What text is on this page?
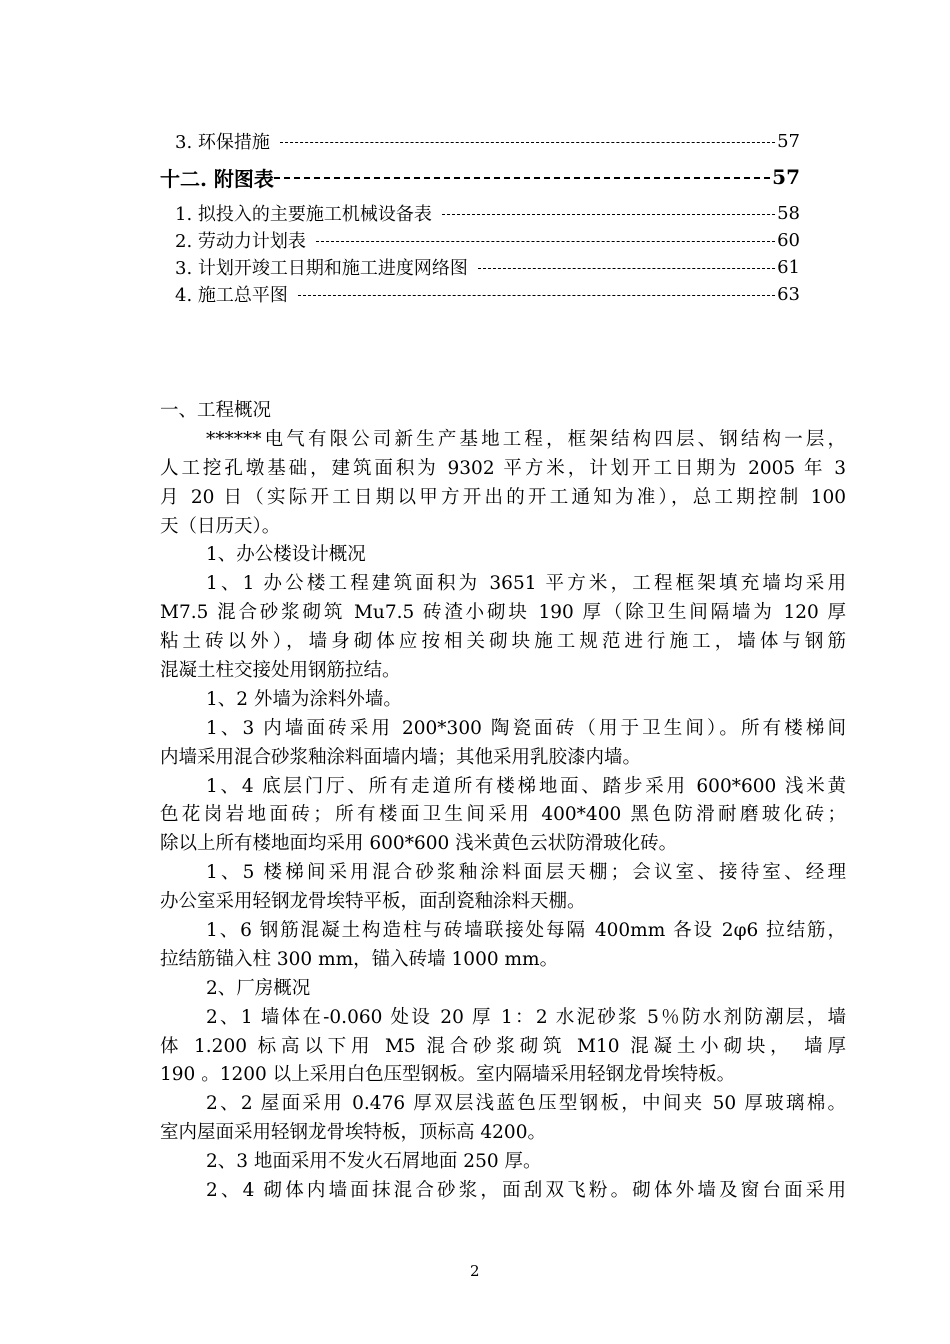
3. 环保措施	57
十二. 附图表	57
1. 拟投入的主要施工机械设备表	58
2. 劳动力计划表	60
3. 计划开竣工日期和施工进度网络图	61
4. 施工总平图	63
一、工程概况
******电气有限公司新生产基地工程，框架结构四层、钢结构一层，
人工挖孔墩基础，建筑面积为 9302 平方米，计划开工日期为 2005 年 3
月 20 日（实际开工日期以甲方开出的开工通知为准），总工期控制 100
天（日历天）。
1、办公楼设计概况
1、1 办公楼工程建筑面积为 3651 平方米，工程框架填充墙均采用
M7.5 混合砂浆砌筑 Mu7.5 砖渣小砌块 190 厚（除卫生间隔墙为 120 厚
粘土砖以外），墙身砌体应按相关砌块施工规范进行施工，墙体与钢筋
混凝土柱交接处用钢筋拉结。
1、2 外墙为涂料外墙。
1、3 内墙面砖采用 200*300 陶瓷面砖（用于卫生间）。所有楼梯间
内墙采用混合砂浆釉涂料面墙内墙；其他采用乳胶漆内墙。
1、4 底层门厅、所有走道所有楼梯地面、踏步采用 600*600 浅米黄
色花岗岩地面砖；所有楼面卫生间采用 400*400 黑色防滑耐磨玻化砖；
除以上所有楼地面均采用 600*600 浅米黄色云状防滑玻化砖。
1、5 楼梯间采用混合砂浆釉涂料面层天棚；会议室、接待室、经理
办公室采用轻钢龙骨埃特平板，面刮瓷釉涂料天棚。
1、6 钢筋混凝土构造柱与砖墙联接处每隔 400mm 各设 2φ6 拉结筋，
拉结筋锚入柱 300 mm，锚入砖墙 1000 mm。
2、厂房概况
2、1 墙体在-0.060 处设 20 厚 1：2 水泥砂浆 5％防水剂防潮层，墙
体 1.200 标高以下用 M5 混合砂浆砌筑 M10 混凝土小砌块， 墙厚
190 。1200 以上采用白色压型钢板。室内隔墙采用轻钢龙骨埃特板。
2、2 屋面采用 0.476 厚双层浅蓝色压型钢板，中间夹 50 厚玻璃棉。
室内屋面采用轻钢龙骨埃特板，顶标高 4200。
2、3 地面采用不发火石屑地面 250 厚。
2、4 砌体内墙面抹混合砂浆，面刮双飞粉。砌体外墙及窗台面采用
2
